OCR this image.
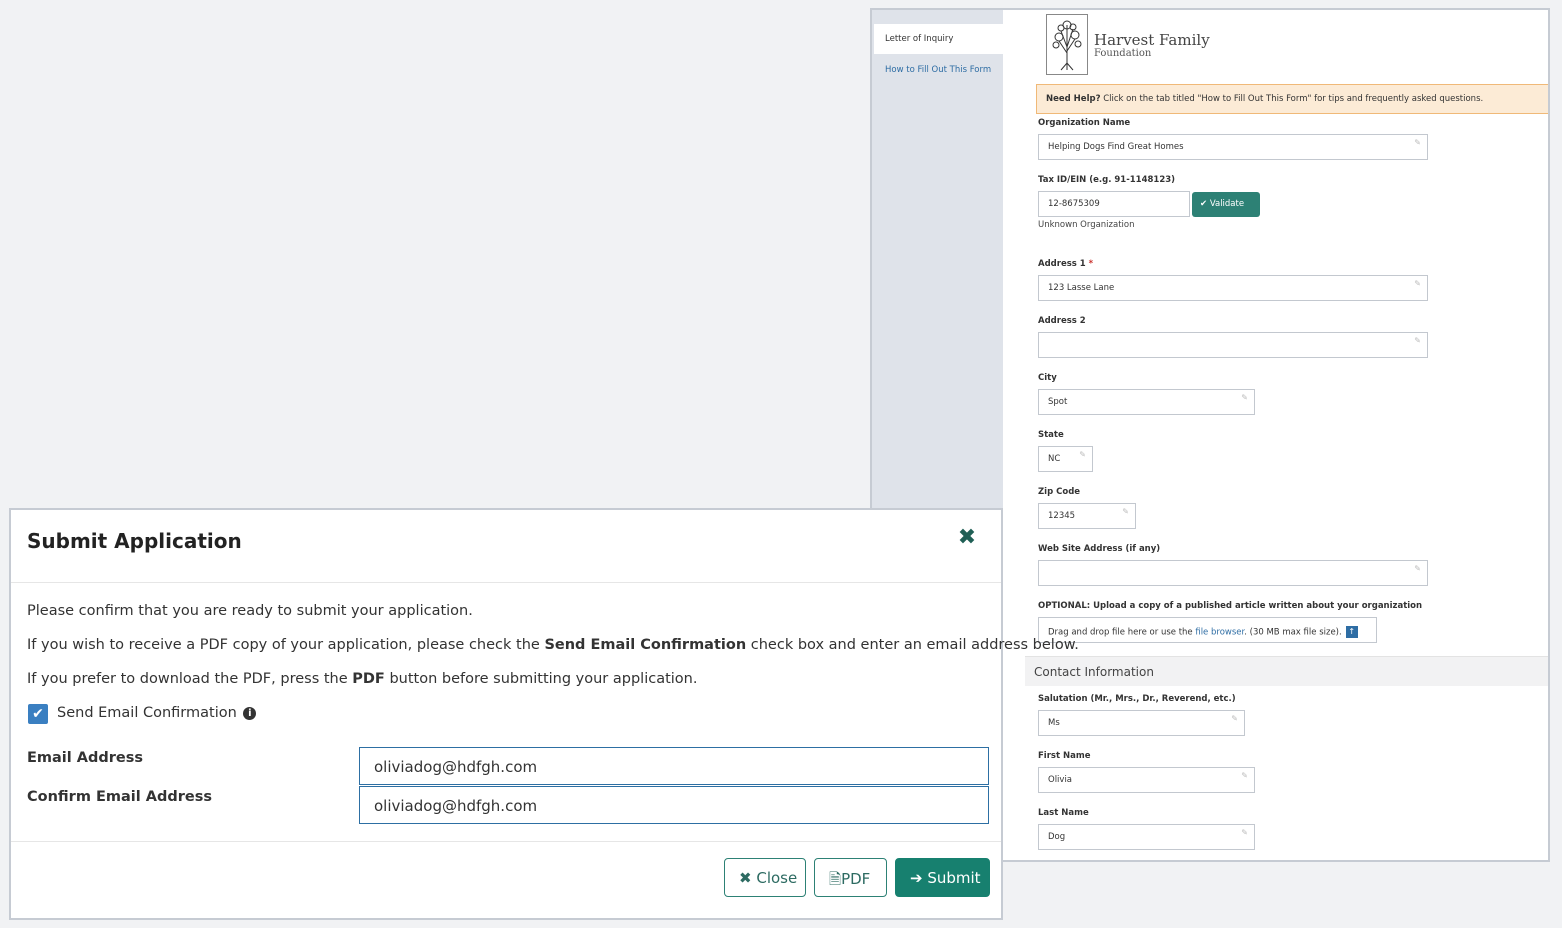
Letter of Inquiry
How to Fill Out This Form
Harvest Family
Foundation
Need Help? Click on the tab titled "How to Fill Out This Form" for tips and frequently asked questions.
Organization Name
Helping Dogs Find Great Homes	✎
Tax ID/EIN (e.g. 91-1148123)
12-8675309	✔ Validate
Unknown Organization
Address 1 *
123 Lasse Lane	✎
Address 2
✎
City
Spot	✎
State
NC ✎
Zip Code
12345	✎
Web Site Address (if any)
✎
OPTIONAL: Upload a copy of a published article written about your organization
Drag and drop file here or use the file browser. (30 MB max file size). ↑
Contact Information
Salutation (Mr., Mrs., Dr., Reverend, etc.)
Ms	✎
First Name
Olivia	✎
Last Name
Dog	✎
Submit Application	✖

Please confirm that you are ready to submit your application.

If you wish to receive a PDF copy of your application, please check the Send Email Confirmation check box and enter an email address below.

If you prefer to download the PDF, press the PDF button before submitting your application.

✔ Send Email Confirmation i
Email Address	oliviadog@hdfgh.com
Confirm Email Address	oliviadog@hdfgh.com
✖ Close	🗎PDF	➔ Submit
